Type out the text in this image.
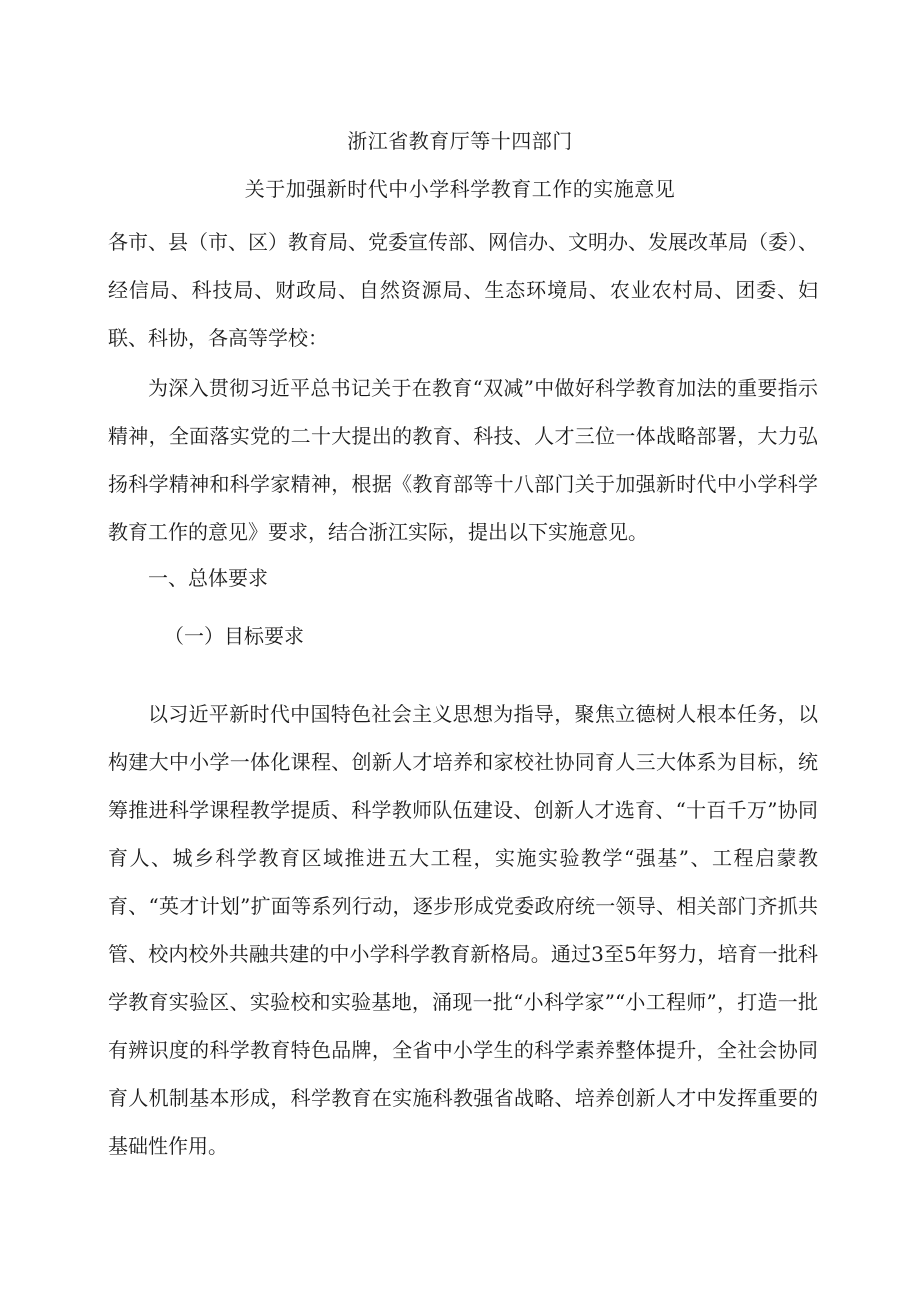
浙江省教育厅等十四部门
关于加强新时代中小学科学教育工作的实施意见
各市、县（市、区）教育局、党委宣传部、网信办、文明办、发展改革局（委）、经信局、科技局、财政局、自然资源局、生态环境局、农业农村局、团委、妇联、科协，各高等学校：
为深入贯彻习近平总书记关于在教育“双减”中做好科学教育加法的重要指示精神，全面落实党的二十大提出的教育、科技、人才三位一体战略部署，大力弘扬科学精神和科学家精神，根据《教育部等十八部门关于加强新时代中小学科学教育工作的意见》要求，结合浙江实际，提出以下实施意见。
一、总体要求
（一）目标要求
以习近平新时代中国特色社会主义思想为指导，聚焦立德树人根本任务，以构建大中小学一体化课程、创新人才培养和家校社协同育人三大体系为目标，统筹推进科学课程教学提质、科学教师队伍建设、创新人才选育、“十百千万”协同育人、城乡科学教育区域推进五大工程，实施实验教学“强基”、工程启蒙教育、“英才计划”扩面等系列行动，逐步形成党委政府统一领导、相关部门齐抓共管、校内校外共融共建的中小学科学教育新格局。通过3至5年努力，培育一批科学教育实验区、实验校和实验基地，涌现一批“小科学家”“小工程师”，打造一批有辨识度的科学教育特色品牌，全省中小学生的科学素养整体提升，全社会协同育人机制基本形成，科学教育在实施科教强省战略、培养创新人才中发挥重要的基础性作用。
